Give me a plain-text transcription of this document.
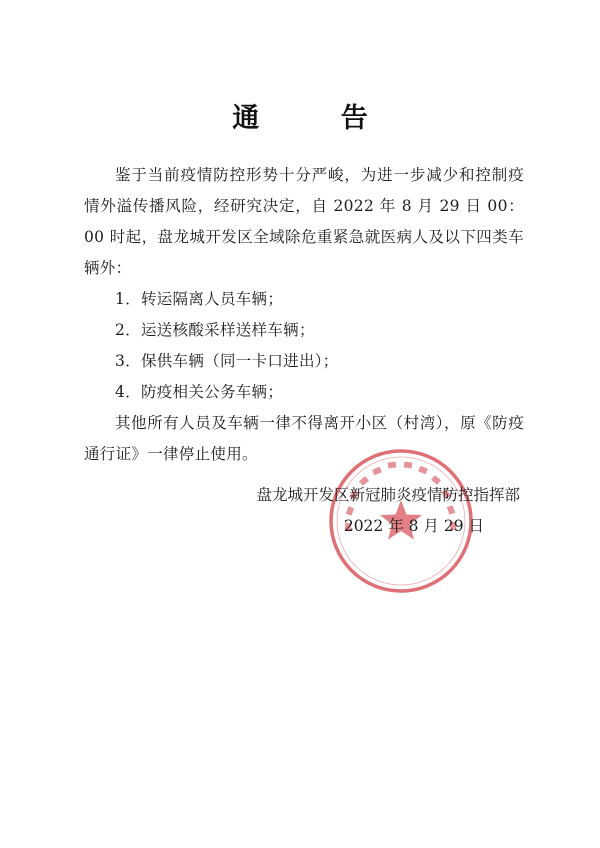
通 告

鉴于当前疫情防控形势十分严峻，为进一步减少和控制疫情外溢传播风险，经研究决定，自 2022 年 8 月 29 日 00：00 时起，盘龙城开发区全域除危重紧急就医病人及以下四类车辆外：

1．转运隔离人员车辆；

2．运送核酸采样送样车辆；

3．保供车辆（同一卡口进出）；

4．防疫相关公务车辆；

其他所有人员及车辆一律不得离开小区（村湾），原《防疫通行证》一律停止使用。

盘龙城开发区新冠肺炎疫情防控指挥部
2022 年 8 月 29 日
